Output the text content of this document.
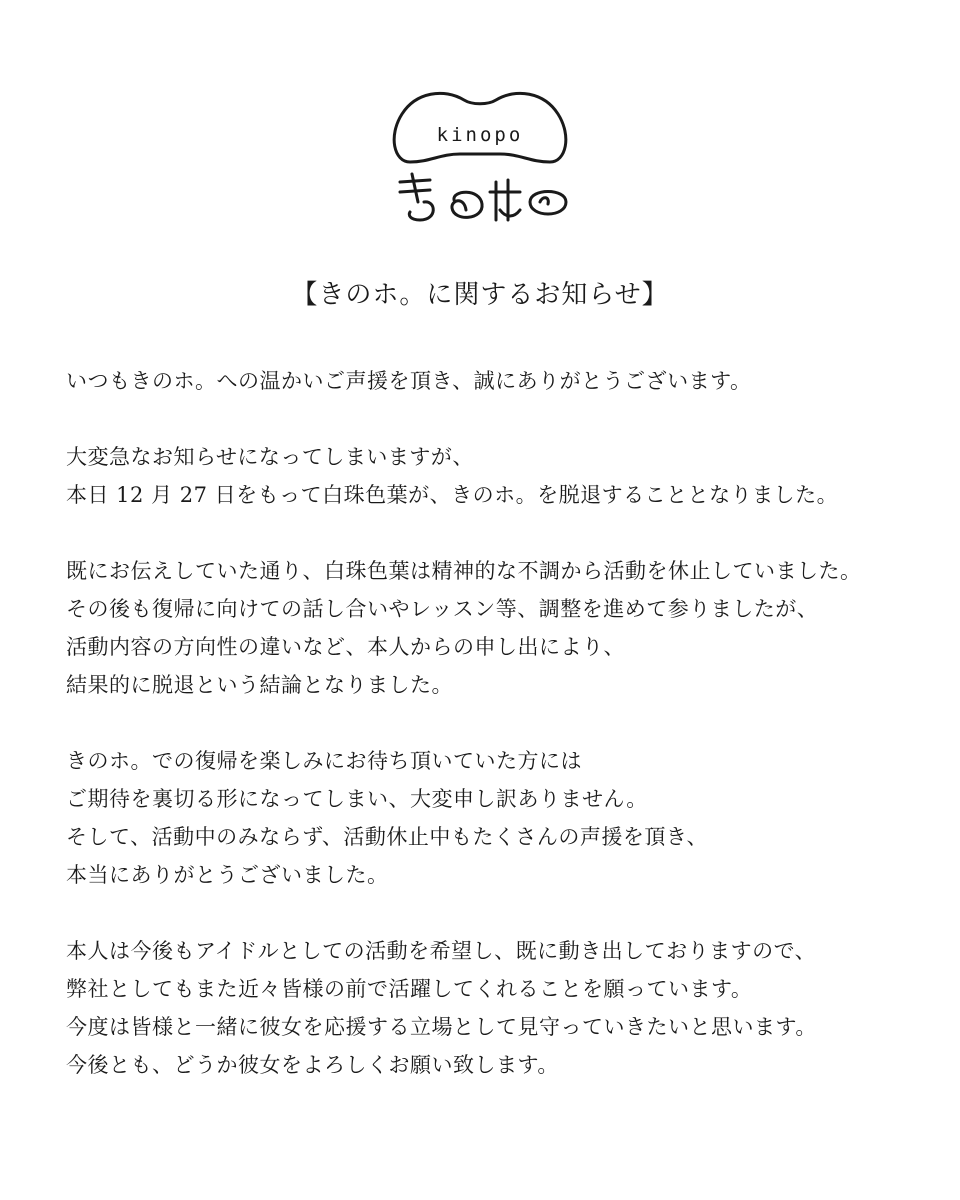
kinopo
【きのホ。に関するお知らせ】

いつもきのホ。への温かいご声援を頂き、誠にありがとうございます。

大変急なお知らせになってしまいますが、
本日 12 月 27 日をもって白珠色葉が、きのホ。を脱退することとなりました。

既にお伝えしていた通り、白珠色葉は精神的な不調から活動を休止していました。
その後も復帰に向けての話し合いやレッスン等、調整を進めて参りましたが、
活動内容の方向性の違いなど、本人からの申し出により、
結果的に脱退という結論となりました。

きのホ。での復帰を楽しみにお待ち頂いていた方には
ご期待を裏切る形になってしまい、大変申し訳ありません。
そして、活動中のみならず、活動休止中もたくさんの声援を頂き、
本当にありがとうございました。

本人は今後もアイドルとしての活動を希望し、既に動き出しておりますので、
弊社としてもまた近々皆様の前で活躍してくれることを願っています。
今度は皆様と一緒に彼女を応援する立場として見守っていきたいと思います。
今後とも、どうか彼女をよろしくお願い致します。
